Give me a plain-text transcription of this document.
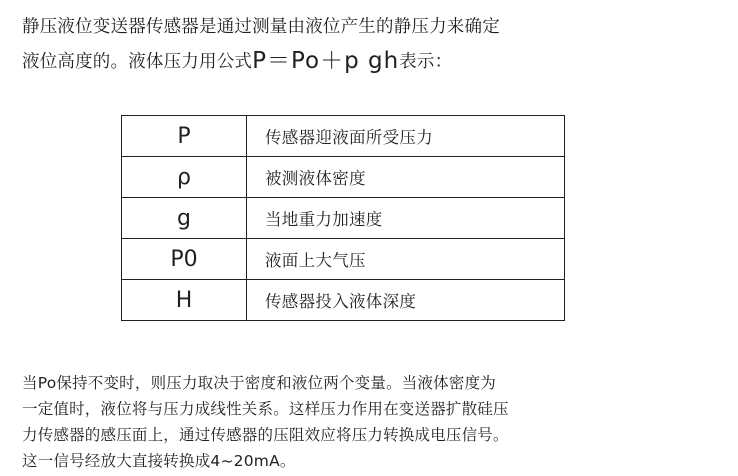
静压液位变送器传感器是通过测量由液位产生的静压力来确定
液位高度的。液体压力用公式P＝Po＋p gh表示：
P	传感器迎液面所受压力
ρ	被测液体密度
g	当地重力加速度
P0	液面上大气压
H	传感器投入液体深度
当Po保持不变时，则压力取决于密度和液位两个变量。当液体密度为
一定值时，液位将与压力成线性关系。这样压力作用在变送器扩散硅压
力传感器的感压面上，通过传感器的压阻效应将压力转换成电压信号。
这一信号经放大直接转换成4~20mA。
